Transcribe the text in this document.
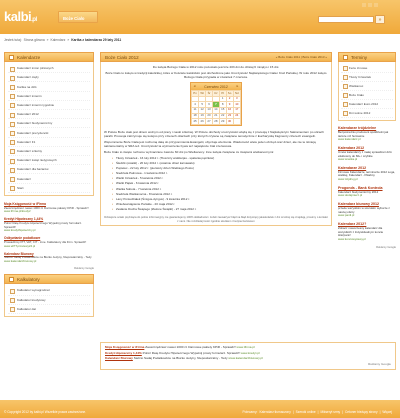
kalbi.pl	Boże Ciało	»
Jesteś tutaj: Strona główna » Kalendarz » Kartka z kalendarza 29 laty 2011
Kalendarze
Kalendarz imion płciowych
Kalendarz ciąży
Kartka na dziś
Kalendarz imienin
Kalendarz imienin tygodnie
Kalendarz 2012
Kalendarz biodynamiczny
Kalendarz prezydencki
Kalendarz F1
Kalendarz szkolny
Kalendarz świąt nietypowych
Kalendarz dla bazarów
Kalendarz
Start
Moja Księgowość w iFirma
Zaoszczędzasz nawet 1000 zł. Darmowe pakiety KPiR - Sprawdź!
www.ifirma.pl/kredyt/
Kredyt Hipoteczny 1,44%
Policz Ratę Kredytu Hipotecznego Wypełnij prosty formularz. Sprawdź!
www.kredythipoteczny.pl
Odżywianie podatkowe
Prowadzimy PIT, VAT, CIT - inne. Kalkulatory dla Firm. Sprawdź!
www.ePIT.przelewy24.pl
Kalendarz Biurowy
Stefcio Sadaj Podatkowicie na Biurko Jedyny, Niepowtarzalny - Tedy
www.kalendarzbiurowy.pl
Reklamy Google
Kalkulatory
Kalkulator wynagrodzeń
Kalkulator kredytowy
Kalkulator dat
Boże Ciało 2012	« Boże Ciało 2011 | Boże Ciało 2013 »

Do święta Bożego Ciała w 2012 roku pozostało jeszcze 203 dni do dzisiaj 6 minęłyo i 15 dni.

Boże Ciało to święto w tradycji katolickiej, które w Kościele katolickim jest obchodzone jako Uroczystość Najświętszego Ciała i Krwi Pańskiej. W roku 2012 święto Bożego Ciała przypada w czwartek 7 czerwca.

◄ Czerwiec 2012	►
Pn	Wt	Śr	Cz	Pt	So	Nd
				1	2	3
4	5	6	7	8	9	10
11	12	13	14	15	16	17
18	19	20	21	22	23	24
25	26	27	28	29	30	

W Polsce Boże ciało jest dniem wolnym od pracy i nauki szkolnej. W Polsce obchody uroczystości wiążą się z procesją z Najświętszym Sakramentem po ulicach parafii. Procesja zatrzymuje się kolejno przy czterech ołtarzach przy których czytane są związane tematycznie z Eucharystią fragmenty czterech ewangelii.

Wspomnienie Boże Ciała jest ruchomą datą do przypomnienia Ewangelii, obyczaje wierzenia. Wiadomość wiele jeden obrzęd oraz dzień, ale nie te istnieją sakramentalny w SRA też. Uroczystość ta wyznaczenie bywa też największe Ciał czerwcowa.

Boże Ciało to święto ruchome wyznaczane zawsze 60 dni po Wielkanocy. Inne święta związane ze świętami wielkanocnymi:

• Tłusty Czwartek - 16 luty 2012 r. (Tłuszczy wwiklerjas - spalania pączków)
• Śledzik (ostatki) - 20 luty 2012 r. (ostatnie dzień karnawału)
• Popielec - 22 luty 2012 r. (pierwszy dzień Wielkiego Postu)
• Niedziela Palmowa - 1 kwietnia 2012 r.
• Wielki Czwartek - 5 kwietnia 2012 r.
• Wielki Piątek - 6 kwietnia 2012 r.
• Wielka Sobota - 7 kwietnia 2012 r.
• Niedziela Wielkanocna - 8 kwietnia 2012 r.
• Lany Poniedziałek (Śmigus-dyngus) - 9 kwietnia 2012 r.
• Wniebowstąpienie Pańskie - 20 maja 2012 r.
• Zesłanie Ducha Świętego (Zielone Świątki) - 27 maja 2012 r.
Dzisiejsze ociało prężniąca do polnie informacyjny nie gwarantujemy 100% dokładności. Jeżeli zauważysz błąd na błąd dotyczący jakiekolwiek z dni w której się znajdują, prosimy o kontakt z nami. Nie rozdzielaj treści zgodnie skutkiem i bezpieczeństwem
Terminy
Ferie zimowe
Tłusty Czwartek
Wielkanoc
Boże Ciało
Kalendarz Euro 2012
Dni wolne 2012
Kalendarze trójdzielne
Bezpośrednio producent spółdzielni jak tańsze niż hurtownie
www.kalendarz.pl
Kalendarz 2012
Umów kalendarzy z małej sprawdzeń dziś efektowny do 60+ i szybkie
www.wnetka.pl
Kalendarze 2012
Firmowe Kalendarze, terminarze 2012 Loga, wielkiej, Kalendarz - Pikabny
www.trójdrug.pl
Progonds - Bank Kontrola
Kalendarz biodynamiczny 2012
www.dodajmierz.pl
Kalendarz biurowy 2012
przede wszystkim w szerokim wyborze z naszej oferty
www.pantl.pl
Kalendarz 2012?
Zobacz nowoczesny kalendarz dla wszystkich z Indywidualnym koncie Hiszpanii!
www.koncowystesy.pl
Reklamy Google
Moja Księgowość w iFirma Zaoszczędzasz nawet 1000 zł. Darmowe pakiety KPiR - Sprawdź! www.ifirma.pl
Kredyt Hipoteczny 1,44% Policz Ratę Kredytu Hipotecznego Wypełnij prosty formularz. Sprawdź! www.kredyt.pl
Kalendarz Biurowy Stefcio Sadaj Podatkowicie na Biurko Jedyny, Niepowtarzalny - Tedy www.kalendarzbiurowy.pl
Reklamy Google
© Copyright 2012 by kalbi.pl Wszelkie prawa zastrzeżone.	Polecamy: Kalendarz tłumaczony | Szeroki online | Mikseryt srmy | Cetoner bieżący strony | Więcej
